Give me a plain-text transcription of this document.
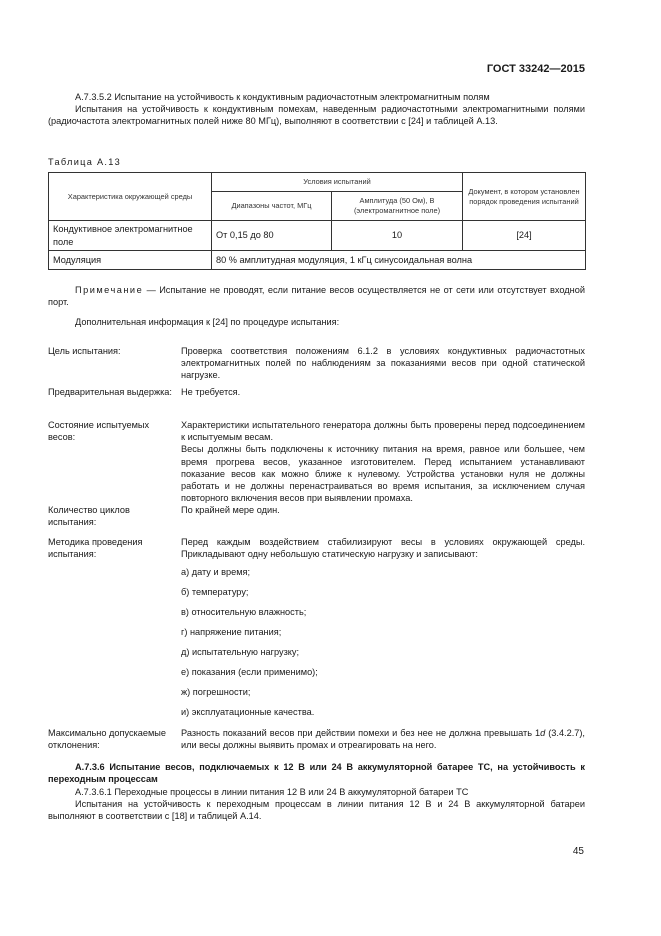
ГОСТ 33242—2015
А.7.3.5.2 Испытание на устойчивость к кондуктивным радиочастотным электромагнитным полям
Испытания на устойчивость к кондуктивным помехам, наведенным радиочастотными электромагнитными полями (радиочастота электромагнитных полей ниже 80 МГц), выполняют в соответствии с [24] и таблицей А.13.
Таблица А.13
Характеристика окружающей среды	Условия испытаний		Документ, в котором установлен порядок проведения испытаний
	Диапазоны частот, МГц	Амплитуда (50 Ом), В (электромагнитное поле)	
Кондуктивное электромагнитное поле	От 0,15 до 80	10	[24]
Модуляция	80 % амплитудная модуляция, 1 кГц синусоидальная волна		
Примечание — Испытание не проводят, если питание весов осуществляется не от сети или отсутствует входной порт.
Дополнительная информация к [24] по процедуре испытания:
Цель испытания:	Проверка соответствия положениям 6.1.2 в условиях кондуктивных радиочастотных электромагнитных полей по наблюдениям за показаниями весов при одной статической нагрузке.
Предварительная выдержка: Не требуется.
Состояние испытуемых весов:
Характеристики испытательного генератора должны быть проверены перед подсоединением к испытуемым весам.
Весы должны быть подключены к источнику питания на время, равное или большее, чем время прогрева весов, указанное изготовителем. Перед испытанием устанавливают показание весов как можно ближе к нулевому. Устройства установки нуля не должны работать и не должны перенастраиваться во время испытания, за исключением случая повторного включения весов при выявлении промаха.
Количество циклов испытания:
По крайней мере один.
Методика проведения испытания:
Перед каждым воздействием стабилизируют весы в условиях окружающей среды. Прикладывают одну небольшую статическую нагрузку и записывают:
а) дату и время;
б) температуру;
в) относительную влажность;
г) напряжение питания;
д) испытательную нагрузку;
е) показания (если применимо);
ж) погрешности;
и) эксплуатационные качества.
Максимально допускаемые отклонения:
Разность показаний весов при действии помехи и без нее не должна превышать 1d (3.4.2.7), или весы должны выявить промах и отреагировать на него.
А.7.3.6 Испытание весов, подключаемых к 12 В или 24 В аккумуляторной батарее ТС, на устойчивость к переходным процессам
А.7.3.6.1 Переходные процессы в линии питания 12 В или 24 В аккумуляторной батареи ТС
Испытания на устойчивость к переходным процессам в линии питания 12 В и 24 В аккумуляторной батареи выполняют в соответствии с [18] и таблицей А.14.
45
